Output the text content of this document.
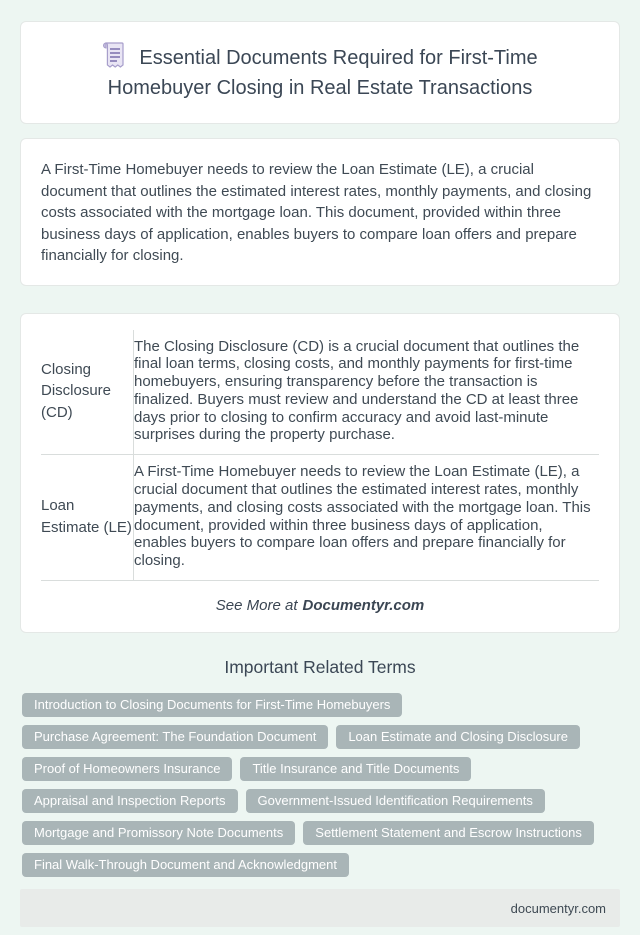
Essential Documents Required for First-Time Homebuyer Closing in Real Estate Transactions

A First-Time Homebuyer needs to review the Loan Estimate (LE), a crucial document that outlines the estimated interest rates, monthly payments, and closing costs associated with the mortgage loan. This document, provided within three business days of application, enables buyers to compare loan offers and prepare financially for closing.

Closing Disclosure (CD)	The Closing Disclosure (CD) is a crucial document that outlines the final loan terms, closing costs, and monthly payments for first-time homebuyers, ensuring transparency before the transaction is finalized. Buyers must review and understand the CD at least three days prior to closing to confirm accuracy and avoid last-minute surprises during the property purchase.
Loan Estimate (LE)	A First-Time Homebuyer needs to review the Loan Estimate (LE), a crucial document that outlines the estimated interest rates, monthly payments, and closing costs associated with the mortgage loan. This document, provided within three business days of application, enables buyers to compare loan offers and prepare financially for closing.
See More at Documentyr.com
Important Related Terms
Introduction to Closing Documents for First-Time Homebuyers
Purchase Agreement: The Foundation Document	Loan Estimate and Closing Disclosure
Proof of Homeowners Insurance	Title Insurance and Title Documents
Appraisal and Inspection Reports	Government-Issued Identification Requirements
Mortgage and Promissory Note Documents	Settlement Statement and Escrow Instructions
Final Walk-Through Document and Acknowledgment
documentyr.com
